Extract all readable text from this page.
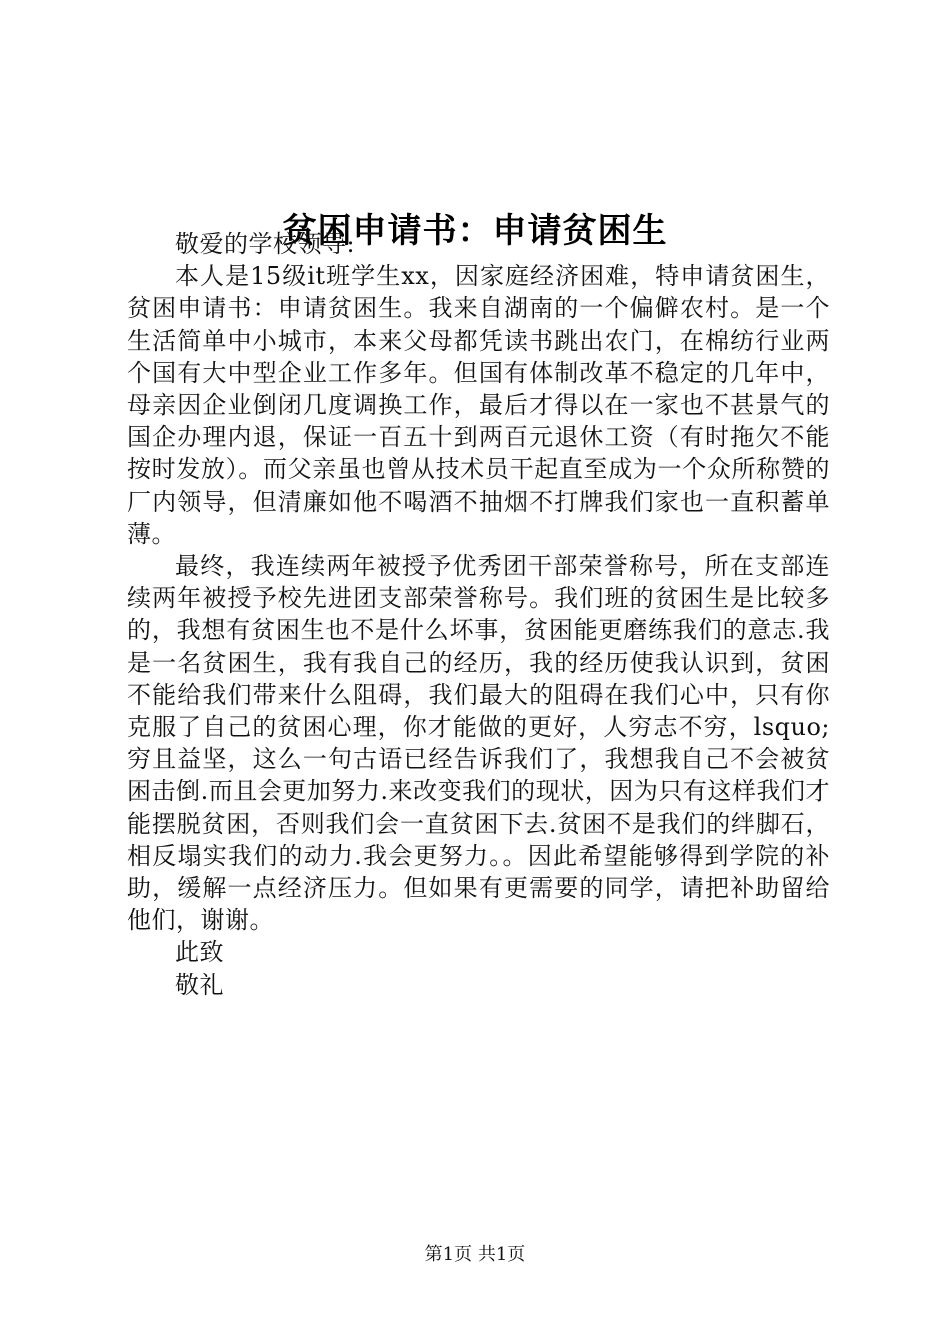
贫困申请书：申请贫困生

敬爱的学校领导:

本人是15级it班学生xx，因家庭经济困难，特申请贫困生，贫困申请书：申请贫困生。我来自湖南的一个偏僻农村。是一个生活简单中小城市，本来父母都凭读书跳出农门，在棉纺行业两个国有大中型企业工作多年。但国有体制改革不稳定的几年中，母亲因企业倒闭几度调换工作，最后才得以在一家也不甚景气的国企办理内退，保证一百五十到两百元退休工资（有时拖欠不能按时发放）。而父亲虽也曾从技术员干起直至成为一个众所称赞的厂内领导，但清廉如他不喝酒不抽烟不打牌我们家也一直积蓄单薄。

最终，我连续两年被授予优秀团干部荣誉称号，所在支部连续两年被授予校先进团支部荣誉称号。我们班的贫困生是比较多的，我想有贫困生也不是什么坏事，贫困能更磨练我们的意志.我是一名贫困生，我有我自己的经历，我的经历使我认识到，贫困不能给我们带来什么阻碍，我们最大的阻碍在我们心中，只有你克服了自己的贫困心理，你才能做的更好，人穷志不穷，lsquo;穷且益坚，这么一句古语已经告诉我们了，我想我自己不会被贫困击倒.而且会更加努力.来改变我们的现状，因为只有这样我们才能摆脱贫困，否则我们会一直贫困下去.贫困不是我们的绊脚石，相反塌实我们的动力.我会更努力。。因此希望能够得到学院的补助，缓解一点经济压力。但如果有更需要的同学，请把补助留给他们，谢谢。

此致

敬礼

第1页 共1页
